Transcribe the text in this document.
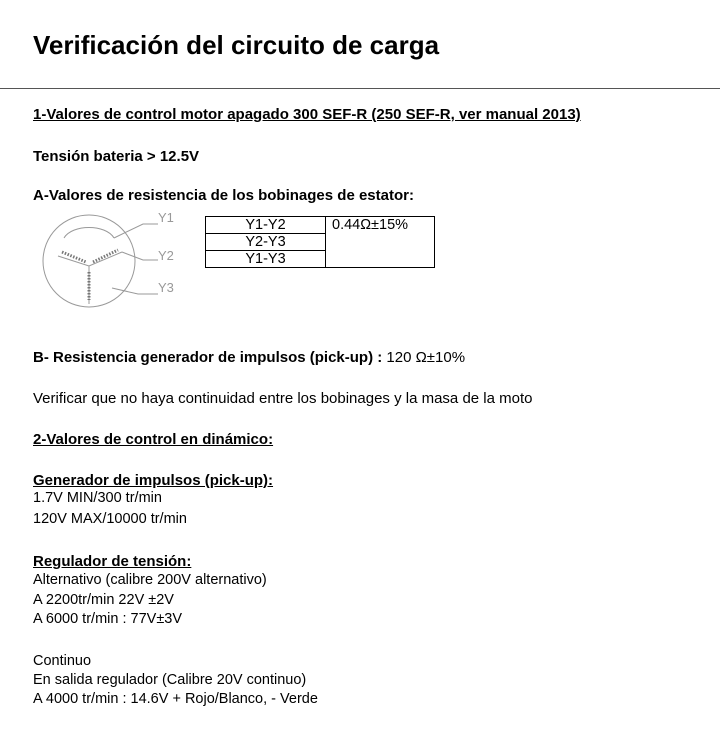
Verificación del circuito de carga

1-Valores de control motor apagado 300 SEF-R (250 SEF-R, ver manual 2013)

Tensión bateria > 12.5V

A-Valores de resistencia de los bobinages de estator:

Y1
Y2
Y3
Y1-Y2	0.44Ω±15%
Y2-Y3
Y1-Y3

B- Resistencia generador de impulsos (pick-up) : 120 Ω±10%

Verificar que no haya continuidad entre los bobinages y la masa de la moto

2-Valores de control en dinámico:

Generador de impulsos (pick-up):

1.7V MIN/300 tr/min

120V MAX/10000 tr/min

Regulador de tensión:

Alternativo (calibre 200V alternativo)

A 2200tr/min 22V ±2V

A 6000 tr/min : 77V±3V

Continuo

En salida regulador (Calibre 20V continuo)

A 4000 tr/min : 14.6V + Rojo/Blanco, - Verde
